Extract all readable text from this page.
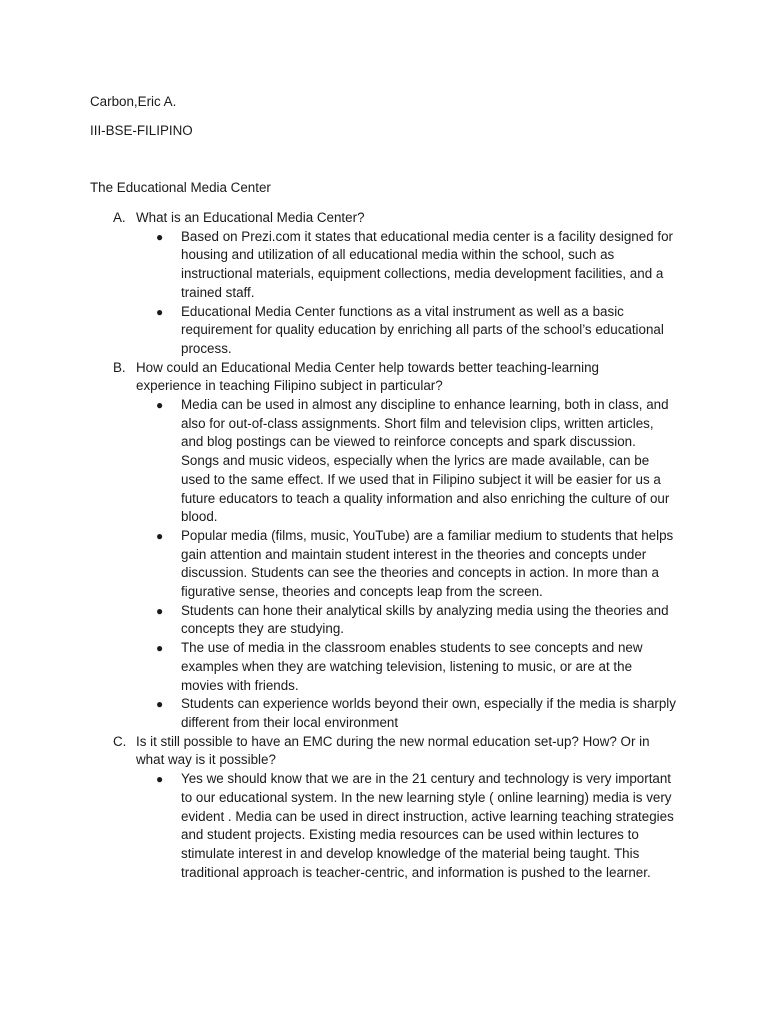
Carbon,Eric A.
III-BSE-FILIPINO
The Educational Media Center
A. What is an Educational Media Center?
● Based on Prezi.com it states that educational media center is a facility designed for housing and utilization of all educational media within the school, such as instructional materials, equipment collections, media development facilities, and a trained staff.
● Educational Media Center functions as a vital instrument as well as a basic requirement for quality education by enriching all parts of the school’s educational process.
B. How could an Educational Media Center help towards better teaching-learning experience in teaching Filipino subject in particular?
● Media can be used in almost any discipline to enhance learning, both in class, and also for out-of-class assignments. Short film and television clips, written articles, and blog postings can be viewed to reinforce concepts and spark discussion. Songs and music videos, especially when the lyrics are made available, can be used to the same effect. If we used that in Filipino subject it will be easier for us a future educators to teach a quality information and also enriching the culture of our blood.
● Popular media (films, music, YouTube) are a familiar medium to students that helps gain attention and maintain student interest in the theories and concepts under discussion. Students can see the theories and concepts in action. In more than a figurative sense, theories and concepts leap from the screen.
● Students can hone their analytical skills by analyzing media using the theories and concepts they are studying.
● The use of media in the classroom enables students to see concepts and new examples when they are watching television, listening to music, or are at the movies with friends.
● Students can experience worlds beyond their own, especially if the media is sharply different from their local environment
C. Is it still possible to have an EMC during the new normal education set-up? How? Or in what way is it possible?
● Yes we should know that we are in the 21 century and technology is very important to our educational system. In the new learning style ( online learning) media is very evident . Media can be used in direct instruction, active learning teaching strategies and student projects. Existing media resources can be used within lectures to stimulate interest in and develop knowledge of the material being taught. This traditional approach is teacher-centric, and information is pushed to the learner.
